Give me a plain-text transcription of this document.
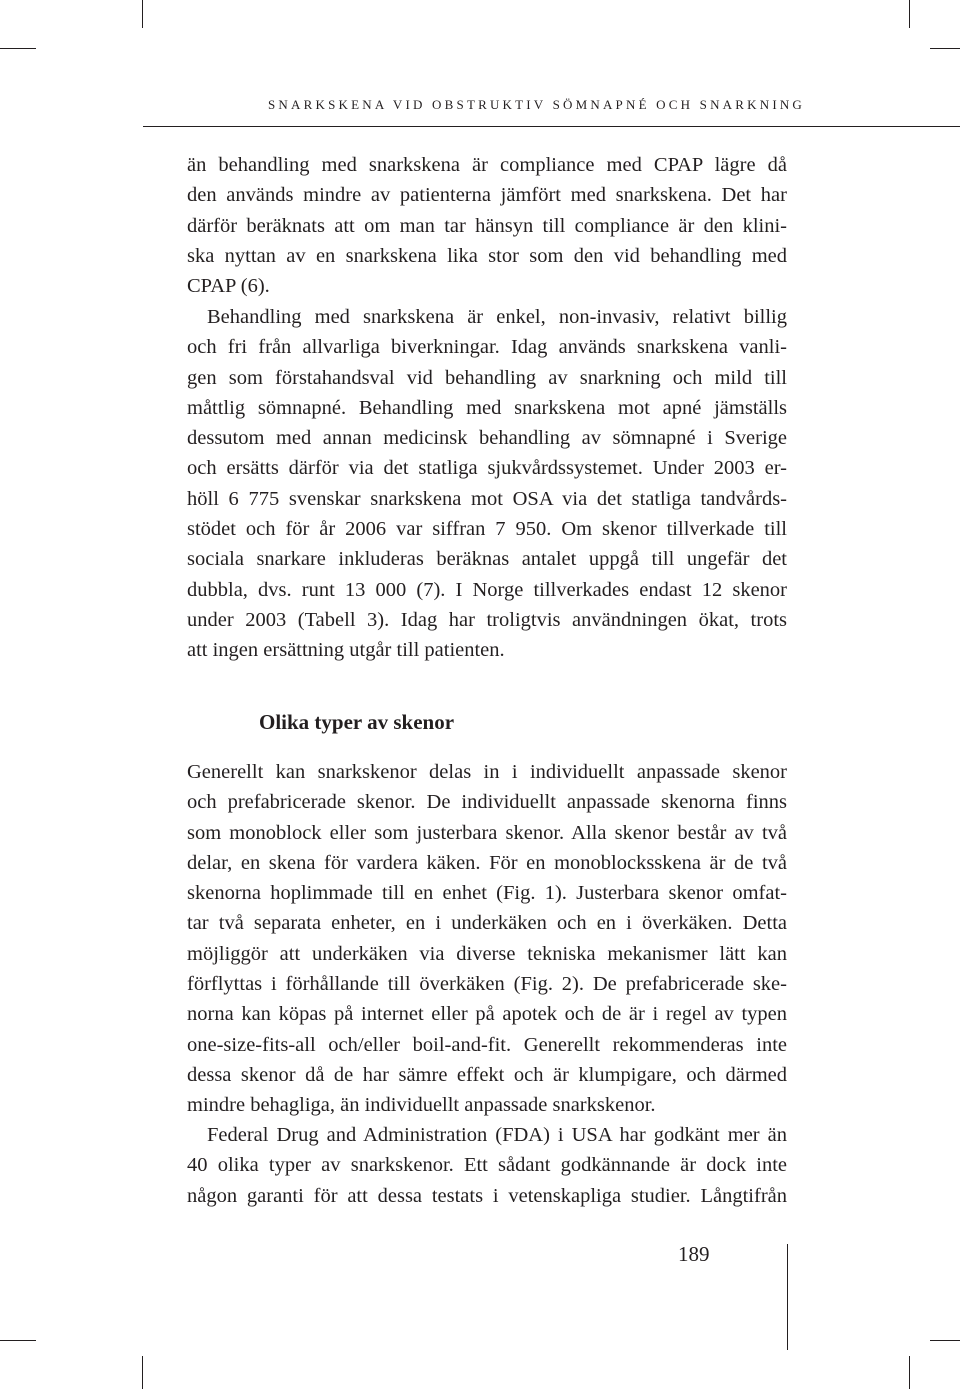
SNARKSKENA VID OBSTRUKTIV SÖMNAPNÉ OCH SNARKNING
än behandling med snarkskena är compliance med CPAP lägre då
den används mindre av patienterna jämfört med snarkskena. Det har
därför beräknats att om man tar hänsyn till compliance är den klini-
ska nyttan av en snarkskena lika stor som den vid behandling med
CPAP (6).
Behandling med snarkskena är enkel, non-invasiv, relativt billig
och fri från allvarliga biverkningar. Idag används snarkskena vanli-
gen som förstahandsval vid behandling av snarkning och mild till
måttlig sömnapné. Behandling med snarkskena mot apné jämställs
dessutom med annan medicinsk behandling av sömnapné i Sverige
och ersätts därför via det statliga sjukvårdssystemet. Under 2003 er-
höll 6 775 svenskar snarkskena mot OSA via det statliga tandvårds-
stödet och för år 2006 var siffran 7 950. Om skenor tillverkade till
sociala snarkare inkluderas beräknas antalet uppgå till ungefär det
dubbla, dvs. runt 13 000 (7). I Norge tillverkades endast 12 skenor
under 2003 (Tabell 3). Idag har troligtvis användningen ökat, trots
att ingen ersättning utgår till patienten.
Olika typer av skenor
Generellt kan snarkskenor delas in i individuellt anpassade skenor
och prefabricerade skenor. De individuellt anpassade skenorna finns
som monoblock eller som justerbara skenor. Alla skenor består av två
delar, en skena för vardera käken. För en monoblocksskena är de två
skenorna hoplimmade till en enhet (Fig. 1). Justerbara skenor omfat-
tar två separata enheter, en i underkäken och en i överkäken. Detta
möjliggör att underkäken via diverse tekniska mekanismer lätt kan
förflyttas i förhållande till överkäken (Fig. 2). De prefabricerade ske-
norna kan köpas på internet eller på apotek och de är i regel av typen
one-size-fits-all och/eller boil-and-fit. Generellt rekommenderas inte
dessa skenor då de har sämre effekt och är klumpigare, och därmed
mindre behagliga, än individuellt anpassade snarkskenor.
Federal Drug and Administration (FDA) i USA har godkänt mer än
40 olika typer av snarkskenor. Ett sådant godkännande är dock inte
någon garanti för att dessa testats i vetenskapliga studier. Långtifrån
189
